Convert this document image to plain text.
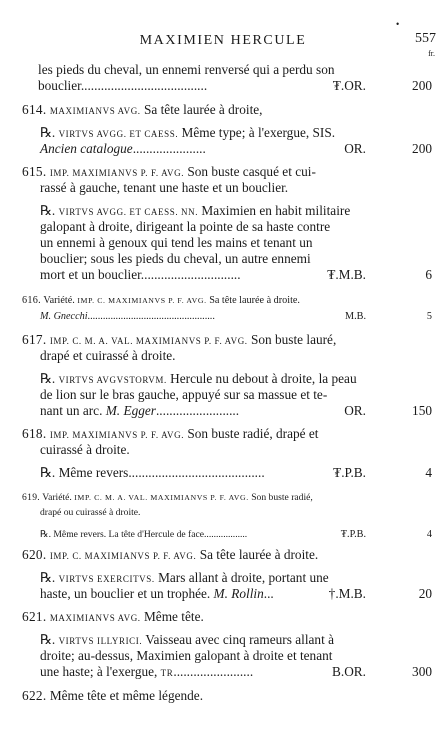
•
MAXIMIEN HERCULE	557
fr.
les pieds du cheval, un ennemi renversé qui a perdu son
bouclier......................................	₮.OR.	200
614. MAXIMIANVS AVG. Sa tête laurée à droite,
℞. VIRTVS AVGG. ET CAESS. Même type; à l'exergue, SIS.
Ancien catalogue......................	OR.	200
615. IMP. MAXIMIANVS P. F. AVG. Son buste casqué et cui-
rassé à gauche, tenant une haste et un bouclier.
℞. VIRTVS AVGG. ET CAESS. NN. Maximien en habit militaire
galopant à droite, dirigeant la pointe de sa haste contre
un ennemi à genoux qui tend les mains et tenant un
bouclier; sous les pieds du cheval, un autre ennemi
mort et un bouclier..............................	₮.M.B.	6
616. Variété. IMP. C. MAXIMIANVS P. F. AVG. Sa tête laurée à droite.
M. Gnecchi..................................................	M.B.	5
617. IMP. C. M. A. VAL. MAXIMIANVS P. F. AVG. Son buste lauré,
drapé et cuirassé à droite.
℞. VIRTVS AVGVSTORVM. Hercule nu debout à droite, la peau
de lion sur le bras gauche, appuyé sur sa massue et te-
nant un arc. M. Egger.........................	OR.	150
618. IMP. MAXIMIANVS P. F. AVG. Son buste radié, drapé et
cuirassé à droite.
℞. Même revers.........................................	₮.P.B.	4
619. Variété. IMP. C. M. A. VAL. MAXIMIANVS P. F. AVG. Son buste radié,
drapé ou cuirassé à droite.
℞. Même revers. La tête d'Hercule de face..................	₮.P.B.	4
620. IMP. C. MAXIMIANVS P. F. AVG. Sa tête laurée à droite.
℞. VIRTVS EXERCITVS. Mars allant à droite, portant une
haste, un bouclier et un trophée. M. Rollin...	†.M.B.	20
621. MAXIMIANVS AVG. Même tête.
℞. VIRTVS ILLYRICI. Vaisseau avec cinq rameurs allant à
droite; au-dessus, Maximien galopant à droite et tenant
une haste; à l'exergue, TR........................	B.OR.	300
622. Même tête et même légende.
